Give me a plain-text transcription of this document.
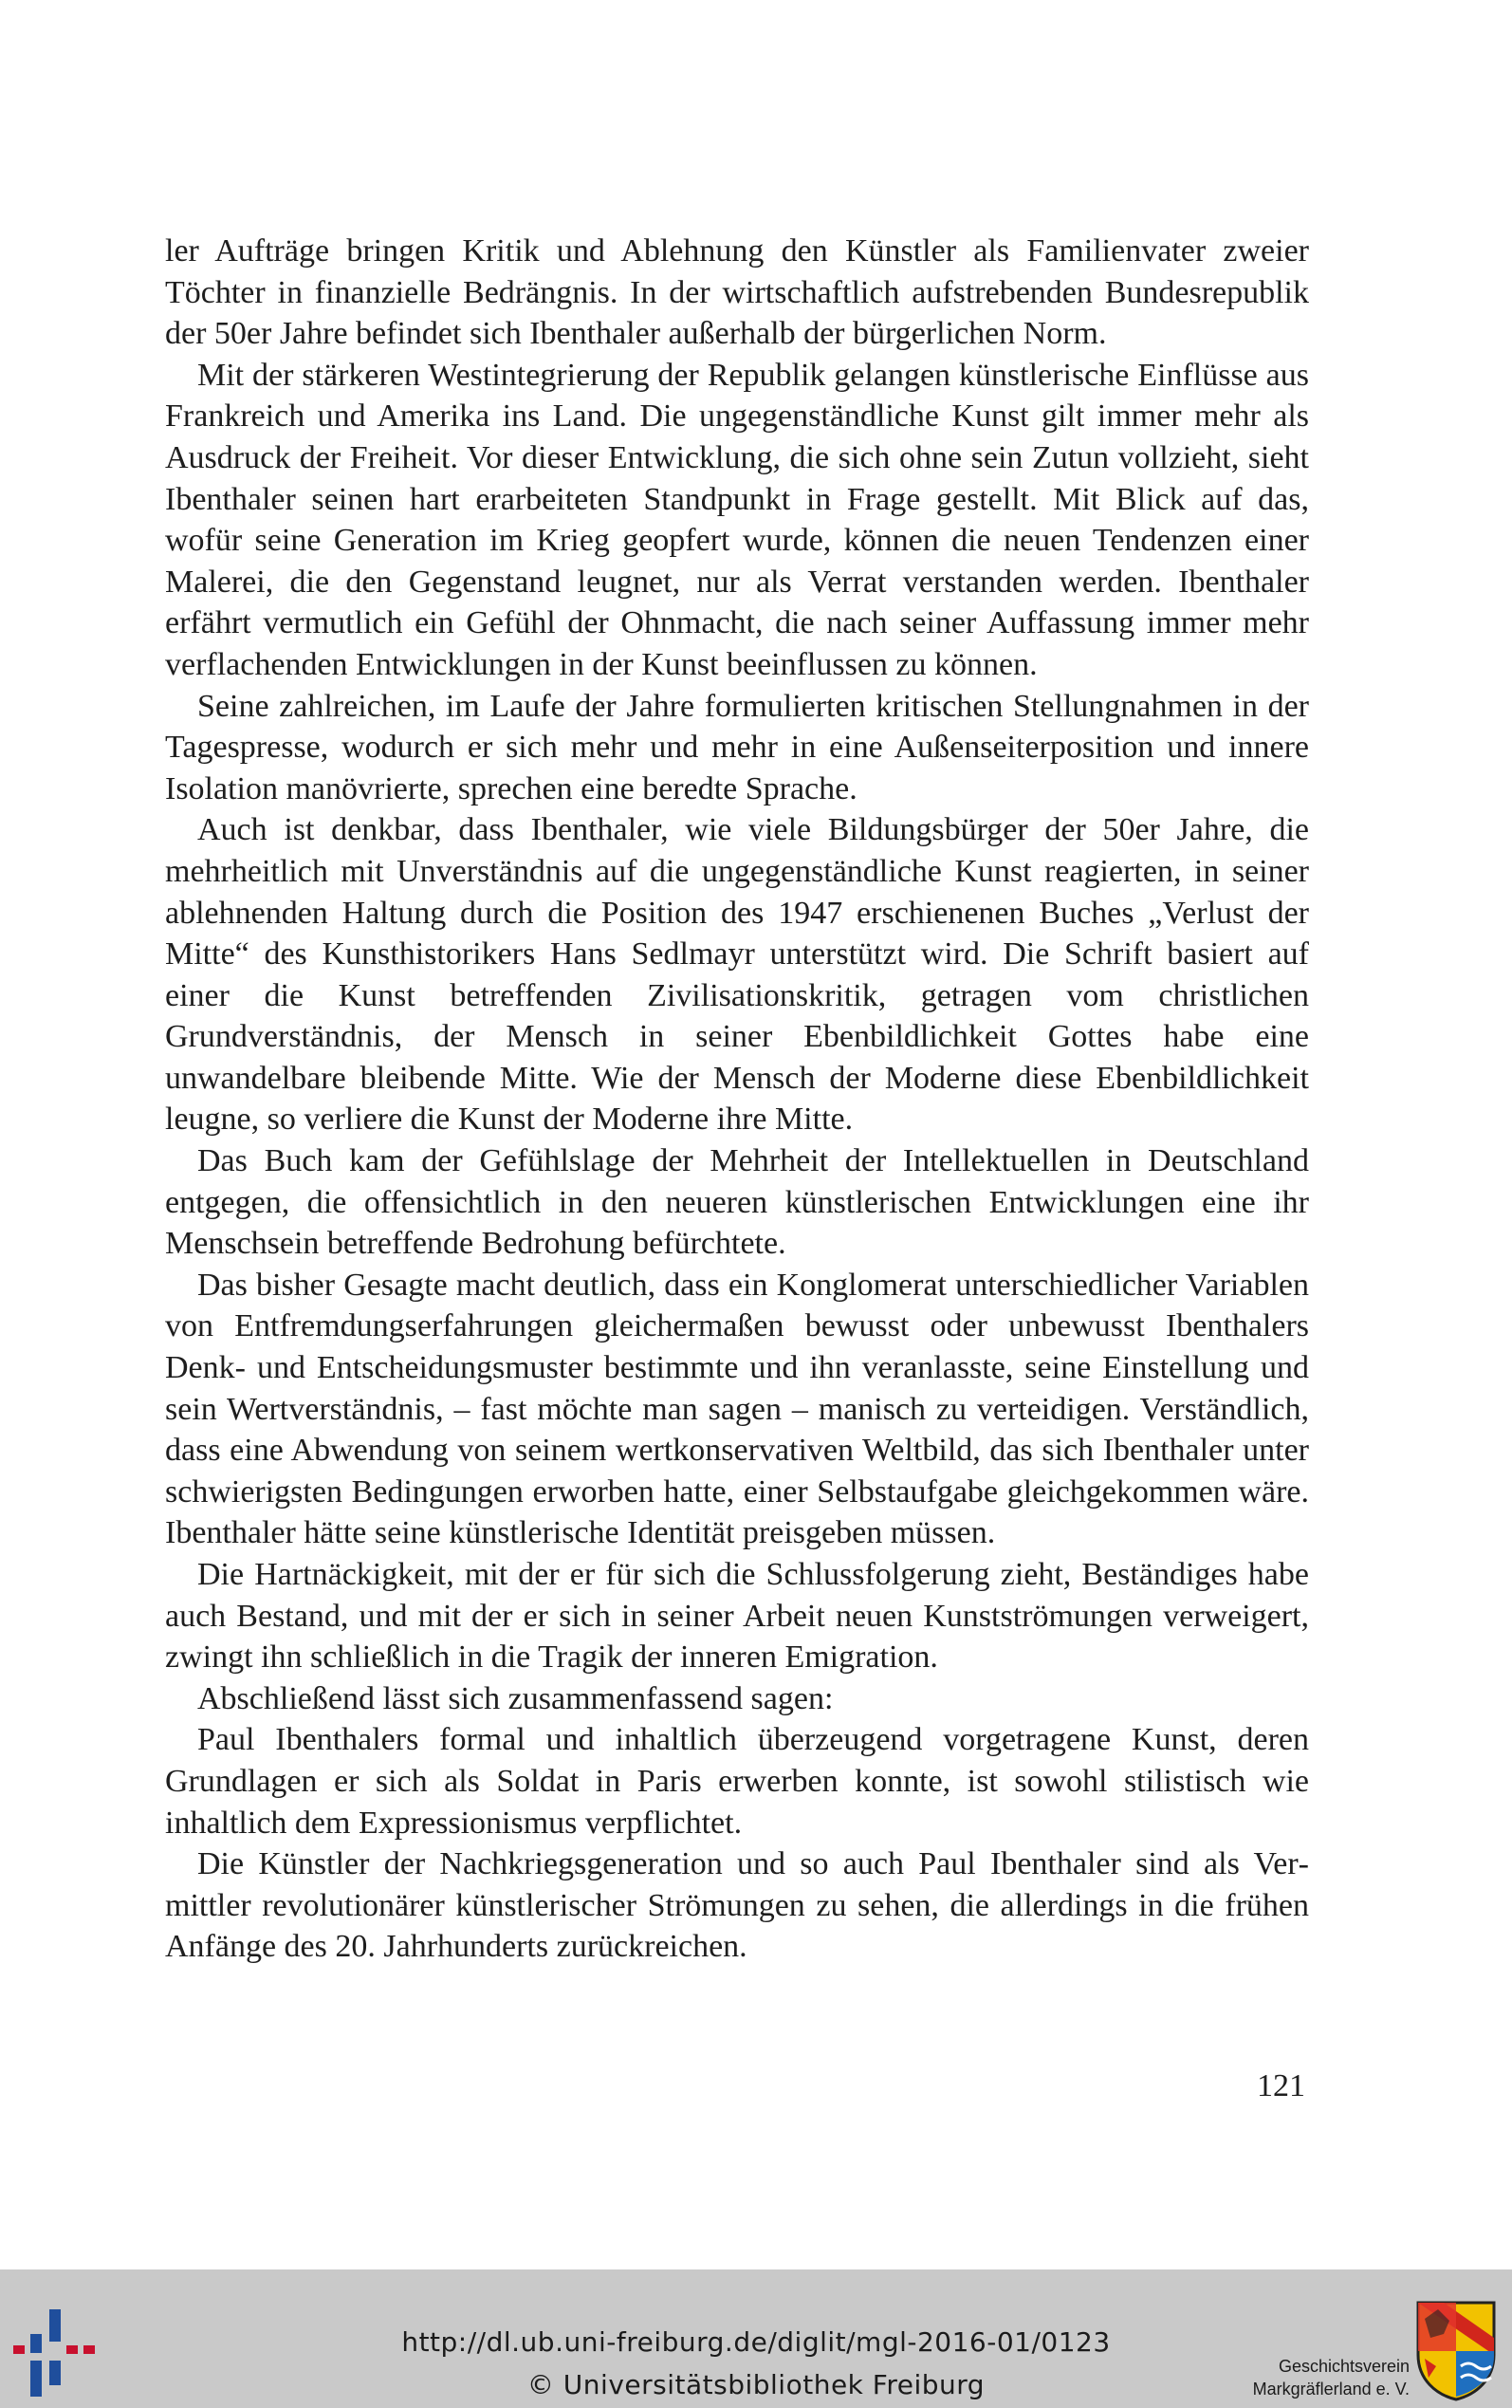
ler Aufträge bringen Kritik und Ablehnung den Künstler als Familienvater zweier Töchter in finanzielle Bedrängnis. In der wirtschaftlich aufstrebenden Bundesrepublik der 50er Jahre befindet sich Ibenthaler außerhalb der bürgerlichen Norm.

Mit der stärkeren Westintegrierung der Republik gelangen künstlerische Einflüsse aus Frankreich und Amerika ins Land. Die ungegenständliche Kunst gilt immer mehr als Ausdruck der Freiheit. Vor dieser Entwicklung, die sich ohne sein Zutun vollzieht, sieht Ibenthaler seinen hart erarbeiteten Standpunkt in Frage gestellt. Mit Blick auf das, wofür seine Generation im Krieg geopfert wurde, können die neuen Tendenzen einer Malerei, die den Gegenstand leugnet, nur als Verrat verstanden werden. Ibenthaler erfährt vermutlich ein Gefühl der Ohnmacht, die nach seiner Auffassung immer mehr verflachenden Entwicklungen in der Kunst beeinflussen zu können.

Seine zahlreichen, im Laufe der Jahre formulierten kritischen Stellungnahmen in der Tagespresse, wodurch er sich mehr und mehr in eine Außenseiterposition und innere Isolation manövrierte, sprechen eine beredte Sprache.

Auch ist denkbar, dass Ibenthaler, wie viele Bildungsbürger der 50er Jahre, die mehrheitlich mit Unverständnis auf die ungegenständliche Kunst reagierten, in seiner ablehnenden Haltung durch die Position des 1947 erschienenen Buches „Verlust der Mitte“ des Kunsthistorikers Hans Sedlmayr unterstützt wird. Die Schrift basiert auf einer die Kunst betreffenden Zivilisationskritik, getragen vom christlichen Grundverständnis, der Mensch in seiner Ebenbildlichkeit Gottes habe eine unwandelbare bleibende Mitte. Wie der Mensch der Moderne diese Ebenbildlichkeit leugne, so verliere die Kunst der Moderne ihre Mitte.

Das Buch kam der Gefühlslage der Mehrheit der Intellektuellen in Deutschland entgegen, die offensichtlich in den neueren künstlerischen Entwicklungen eine ihr Menschsein betreffende Bedrohung befürchtete.

Das bisher Gesagte macht deutlich, dass ein Konglomerat unterschiedlicher Variablen von Entfremdungserfahrungen gleichermaßen bewusst oder unbewusst Ibenthalers Denk- und Entscheidungsmuster bestimmte und ihn veranlasste, seine Einstellung und sein Wertverständnis, – fast möchte man sagen – manisch zu verteidigen. Verständlich, dass eine Abwendung von seinem wertkonservativen Weltbild, das sich Ibenthaler unter schwierigsten Bedingungen erworben hatte, einer Selbstaufgabe gleichgekommen wäre. Ibenthaler hätte seine künstlerische Identität preisgeben müssen.

Die Hartnäckigkeit, mit der er für sich die Schlussfolgerung zieht, Beständiges habe auch Bestand, und mit der er sich in seiner Arbeit neuen Kunstströmungen verweigert, zwingt ihn schließlich in die Tragik der inneren Emigration.

Abschließend lässt sich zusammenfassend sagen:

Paul Ibenthalers formal und inhaltlich überzeugend vorgetragene Kunst, deren Grundlagen er sich als Soldat in Paris erwerben konnte, ist sowohl stilistisch wie inhaltlich dem Expressionismus verpflichtet.

Die Künstler der Nachkriegsgeneration und so auch Paul Ibenthaler sind als Vermittler revolutionärer künstlerischer Strömungen zu sehen, die allerdings in die frühen Anfänge des 20. Jahrhunderts zurückreichen.

121
http://dl.ub.uni-freiburg.de/diglit/mgl-2016-01/0123
© Universitätsbibliothek Freiburg
Geschichtsverein
Markgräflerland e. V.
